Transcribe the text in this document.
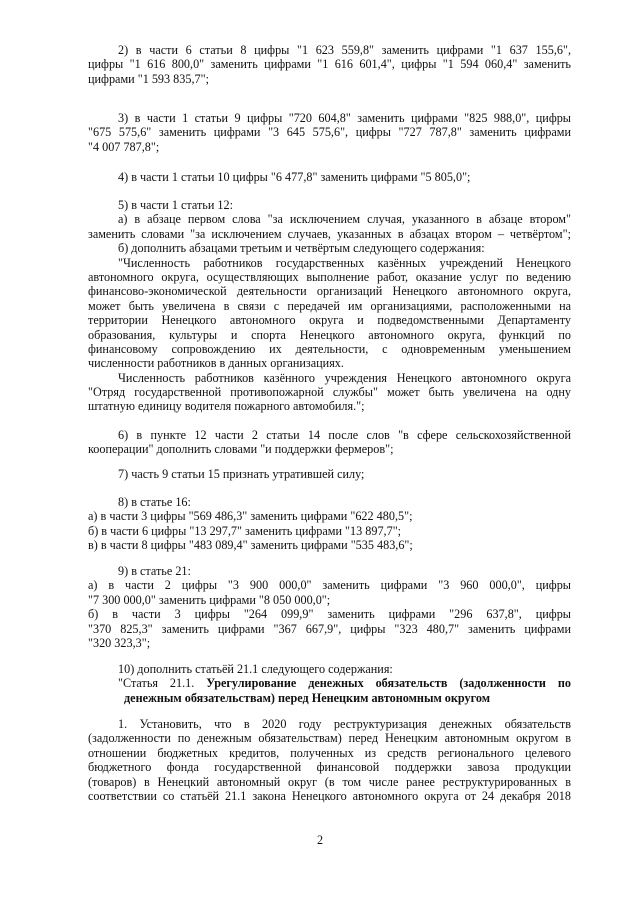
2) в части 6 статьи 8 цифры "1 623 559,8" заменить цифрами "1 637 155,6",
цифры "1 616 800,0" заменить цифрами "1 616 601,4", цифры "1 594 060,4" заменить
цифрами "1 593 835,7";
3) в части 1 статьи 9 цифры "720 604,8" заменить цифрами "825 988,0", цифры
"675 575,6" заменить цифрами "3 645 575,6", цифры "727 787,8" заменить цифрами
"4 007 787,8";
4) в части 1 статьи 10 цифры "6 477,8" заменить цифрами "5 805,0";
5) в части 1 статьи 12:
а) в абзаце первом слова "за исключением случая, указанного в абзаце втором"
заменить словами "за исключением случаев, указанных в абзацах втором – четвёртом";
б) дополнить абзацами третьим и четвёртым следующего содержания:
"Численность работников государственных казённых учреждений Ненецкого
автономного округа, осуществляющих выполнение работ, оказание услуг по ведению
финансово-экономической деятельности организаций Ненецкого автономного округа,
может быть увеличена в связи с передачей им организациями, расположенными на
территории Ненецкого автономного округа и подведомственными Департаменту
образования, культуры и спорта Ненецкого автономного округа, функций по
финансовому сопровождению их деятельности, с одновременным уменьшением
численности работников в данных организациях.
Численность работников казённого учреждения Ненецкого автономного округа
"Отряд государственной противопожарной службы" может быть увеличена на одну
штатную единицу водителя пожарного автомобиля.";
6) в пункте 12 части 2 статьи 14 после слов "в сфере сельскохозяйственной
кооперации" дополнить словами "и поддержки фермеров";
7) часть 9 статьи 15 признать утратившей силу;
8) в статье 16:
а) в части 3 цифры "569 486,3" заменить цифрами "622 480,5";
б) в части 6 цифры "13 297,7" заменить цифрами "13 897,7";
в) в части 8 цифры "483 089,4" заменить цифрами "535 483,6";
9) в статье 21:
а) в части 2 цифры "3 900 000,0" заменить цифрами "3 960 000,0", цифры
"7 300 000,0" заменить цифрами "8 050 000,0";
б) в части 3 цифры "264 099,9" заменить цифрами "296 637,8", цифры
"370 825,3" заменить цифрами "367 667,9", цифры "323 480,7" заменить цифрами
"320 323,3";
10) дополнить статьёй 21.1 следующего содержания:
"Статья 21.1. Урегулирование денежных обязательств (задолженности по
денежным обязательствам) перед Ненецким автономным округом
1. Установить, что в 2020 году реструктуризация денежных обязательств
(задолженности по денежным обязательствам) перед Ненецким автономным округом в
отношении бюджетных кредитов, полученных из средств регионального целевого
бюджетного фонда государственной финансовой поддержки завоза продукции
(товаров) в Ненецкий автономный округ (в том числе ранее реструктурированных в
соответствии со статьёй 21.1 закона Ненецкого автономного округа от 24 декабря 2018
2
